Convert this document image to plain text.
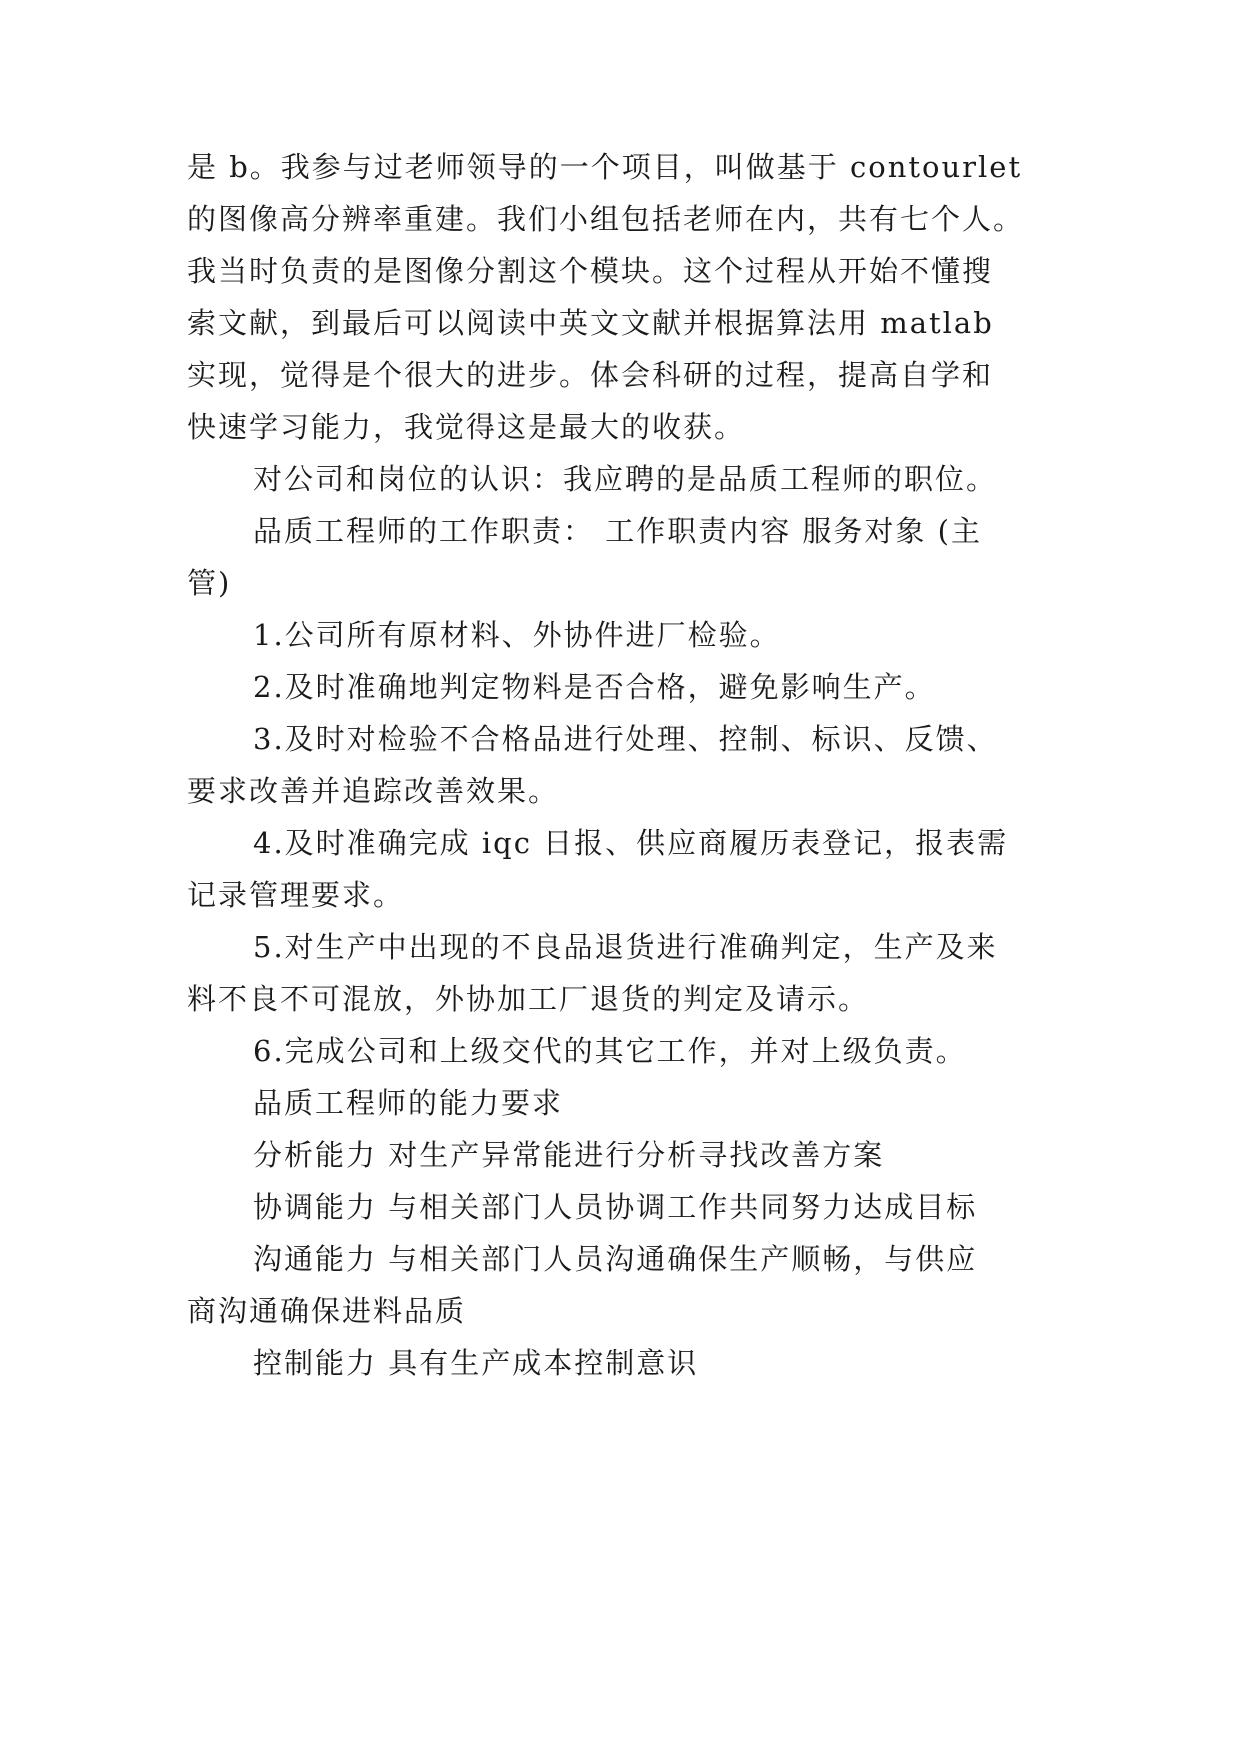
是 b。我参与过老师领导的一个项目，叫做基于 contourlet

的图像高分辨率重建。我们小组包括老师在内，共有七个人。

我当时负责的是图像分割这个模块。这个过程从开始不懂搜

索文献，到最后可以阅读中英文文献并根据算法用 matlab

实现，觉得是个很大的进步。体会科研的过程，提高自学和

快速学习能力，我觉得这是最大的收获。

对公司和岗位的认识：我应聘的是品质工程师的职位。

品质工程师的工作职责： 工作职责内容 服务对象 (主

管)

1.公司所有原材料、外协件进厂检验。

2.及时准确地判定物料是否合格，避免影响生产。

3.及时对检验不合格品进行处理、控制、标识、反馈、

要求改善并追踪改善效果。

4.及时准确完成 iqc 日报、供应商履历表登记，报表需

记录管理要求。

5.对生产中出现的不良品退货进行准确判定，生产及来

料不良不可混放，外协加工厂退货的判定及请示。

6.完成公司和上级交代的其它工作，并对上级负责。

品质工程师的能力要求

分析能力 对生产异常能进行分析寻找改善方案

协调能力 与相关部门人员协调工作共同努力达成目标

沟通能力 与相关部门人员沟通确保生产顺畅，与供应

商沟通确保进料品质

控制能力 具有生产成本控制意识
